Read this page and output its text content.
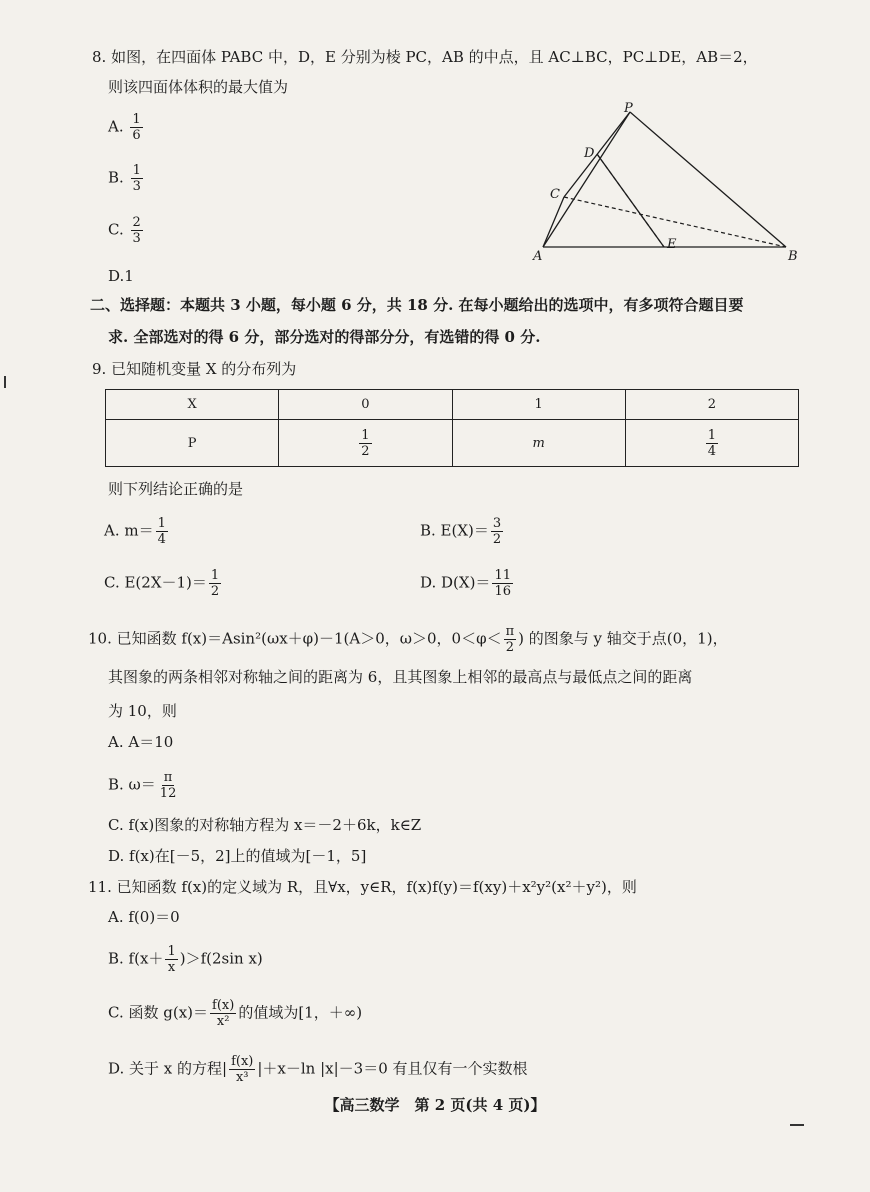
8. 如图，在四面体 PABC 中，D，E 分别为棱 PC，AB 的中点，且 AC⊥BC，PC⊥DE，AB＝2，
则该四面体体积的最大值为
A. $\frac{1}{6}$
B. $\frac{1}{3}$
C. $\frac{2}{3}$
D.1
P
D
C
E
A	B
二、选择题：本题共 3 小题，每小题 6 分，共 18 分. 在每小题给出的选项中，有多项符合题目要
求. 全部选对的得 6 分，部分选对的得部分分，有选错的得 0 分.
9. 已知随机变量 X 的分布列为
X	0	1	2
P	$\frac{1}{2}$	m	$\frac{1}{4}$
则下列结论正确的是
A. $m= \frac{1}{4}$	B. $E(X)= \frac{3}{2}$
C. $E(2X-1)= \frac{1}{2}$	D. $D(X)= \frac{11}{16}$
10. 已知函数 f(x)＝Asin²(ωx＋φ)－1(A＞0，ω＞0，$0<\varphi< \frac{\pi}{2}$ ) 的图象与 y 轴交于点(0，1)，
其图象的两条相邻对称轴之间的距离为 6，且其图象上相邻的最高点与最低点之间的距离
为 10，则
A. A＝10
B. $\omega= \frac{\pi}{12}$
C. f(x)图象的对称轴方程为 x＝－2＋6k，k∈Z
D. f(x)在[－5，2]上的值域为[－1，5]
11. 已知函数 f(x)的定义域为 R，且∀x，y∈R，f(x)f(y)＝f(xy)＋x²y²(x²＋y²)，则
A. f(0)＝0
B. $f(x+ \frac{1}{x} )>f(2\sin$ x)
C. 函数 $g(x)= \frac{f(x)}{\text{x²}}$ 的值域为[1，＋∞)
D. 关于 x 的方程| $\frac{f(x)}{\text{x³}} |+x-\ln$ |x|－3＝0 有且仅有一个实数根
【高三数学　第 2 页(共 4 页)】
